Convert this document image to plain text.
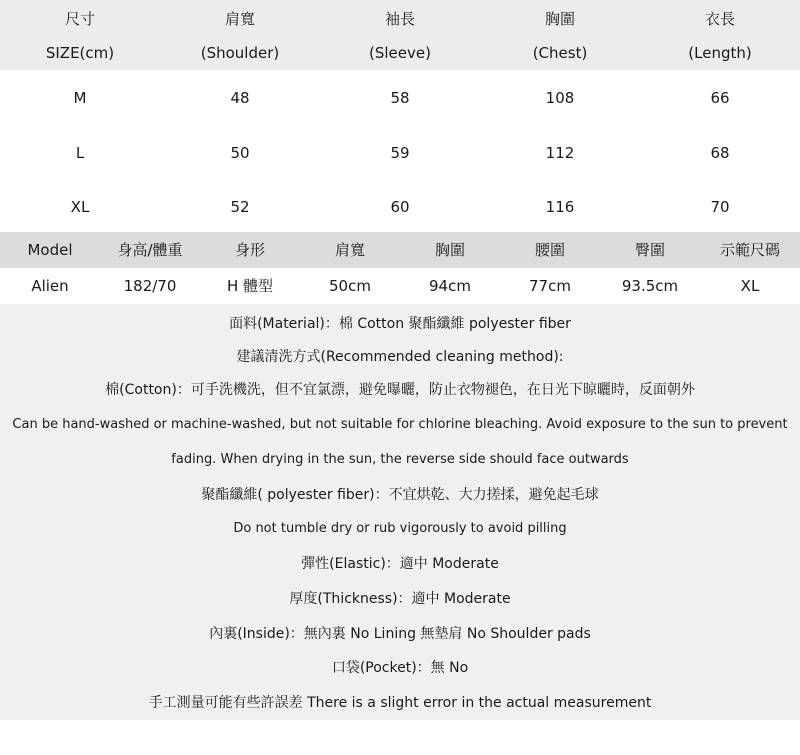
尺寸	肩寬	袖長	胸圍	衣長
SIZE(cm)	(Shoulder)	(Sleeve)	(Chest)	(Length)
M	48	58	108	66
L	50	59	112	68
XL	52	60	116	70
Model	身高/體重	身形	肩寬	胸圍	腰圍	臀圍	示範尺碼
Alien	182/70	H 體型	50cm	94cm	77cm	93.5cm	XL
面料(Material)：棉 Cotton 聚酯纖維 polyester fiber
建議清洗方式(Recommended cleaning method):
棉(Cotton)：可手洗機洗，但不宜氯漂，避免曝曬，防止衣物褪色，在日光下晾曬時，反面朝外
Can be hand-washed or machine-washed, but not suitable for chlorine bleaching. Avoid exposure to the sun to prevent
fading. When drying in the sun, the reverse side should face outwards
聚酯纖維( polyester fiber)：不宜烘乾、大力搓揉，避免起毛球
Do not tumble dry or rub vigorously to avoid pilling
彈性(Elastic)：適中 Moderate
厚度(Thickness)：適中 Moderate
內裏(Inside)：無內裏 No Lining 無墊肩 No Shoulder pads
口袋(Pocket)：無 No
手工測量可能有些許誤差 There is a slight error in the actual measurement
